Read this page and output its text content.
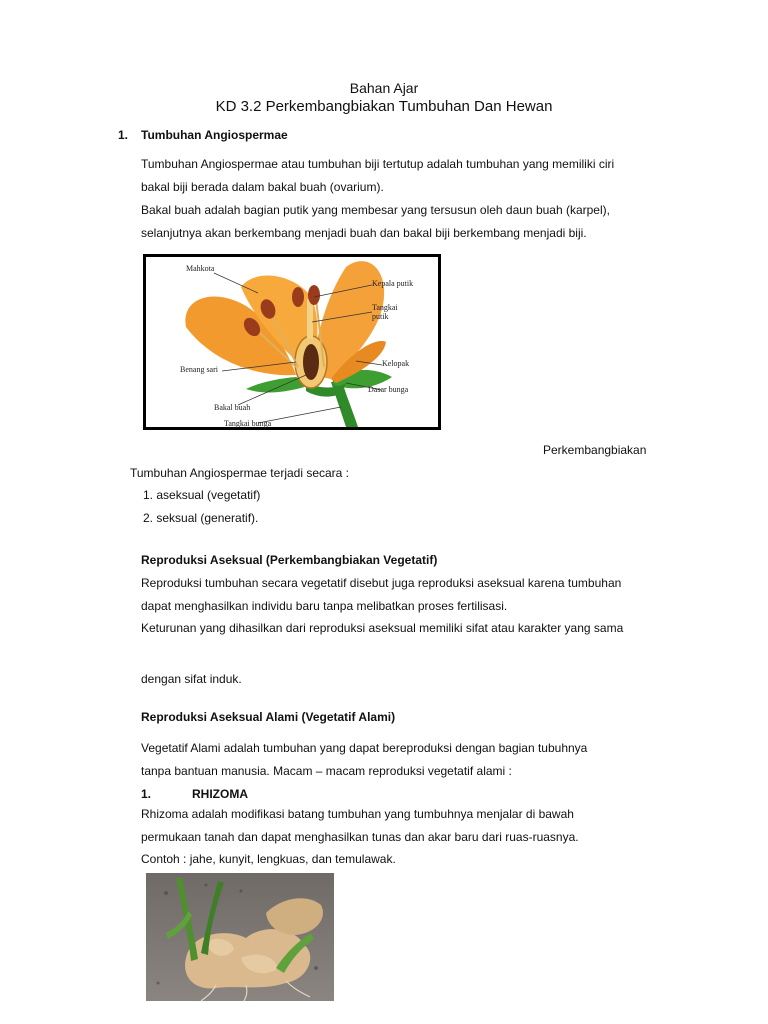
Bahan Ajar
KD 3.2 Perkembangbiakan Tumbuhan Dan Hewan
1. Tumbuhan Angiospermae
Tumbuhan Angiospermae atau tumbuhan biji tertutup adalah tumbuhan yang memiliki ciri
bakal biji berada dalam bakal buah (ovarium).
Bakal buah adalah bagian putik yang membesar yang tersusun oleh daun buah (karpel),
selanjutnya akan berkembang menjadi buah dan bakal biji berkembang menjadi biji.
Mahkota
Kepala putik
Tangkai
putik
Kelopak
Benang sari
Dasar bunga
Bakal buah
Tangkai bunga
Perkembangbiakan
Tumbuhan Angiospermae terjadi secara :
1. aseksual (vegetatif)
2. seksual (generatif).
Reproduksi Aseksual (Perkembangbiakan Vegetatif)
Reproduksi tumbuhan secara vegetatif disebut juga reproduksi aseksual karena tumbuhan
dapat menghasilkan individu baru tanpa melibatkan proses fertilisasi.
Keturunan yang dihasilkan dari reproduksi aseksual memiliki sifat atau karakter yang sama
dengan sifat induk.
Reproduksi Aseksual Alami (Vegetatif Alami)
Vegetatif Alami adalah tumbuhan yang dapat bereproduksi dengan bagian tubuhnya
tanpa bantuan manusia. Macam – macam reproduksi vegetatif alami :
1.	RHIZOMA
Rhizoma adalah modifikasi batang tumbuhan yang tumbuhnya menjalar di bawah
permukaan tanah dan dapat menghasilkan tunas dan akar baru dari ruas-ruasnya.
Contoh : jahe, kunyit, lengkuas, dan temulawak.
